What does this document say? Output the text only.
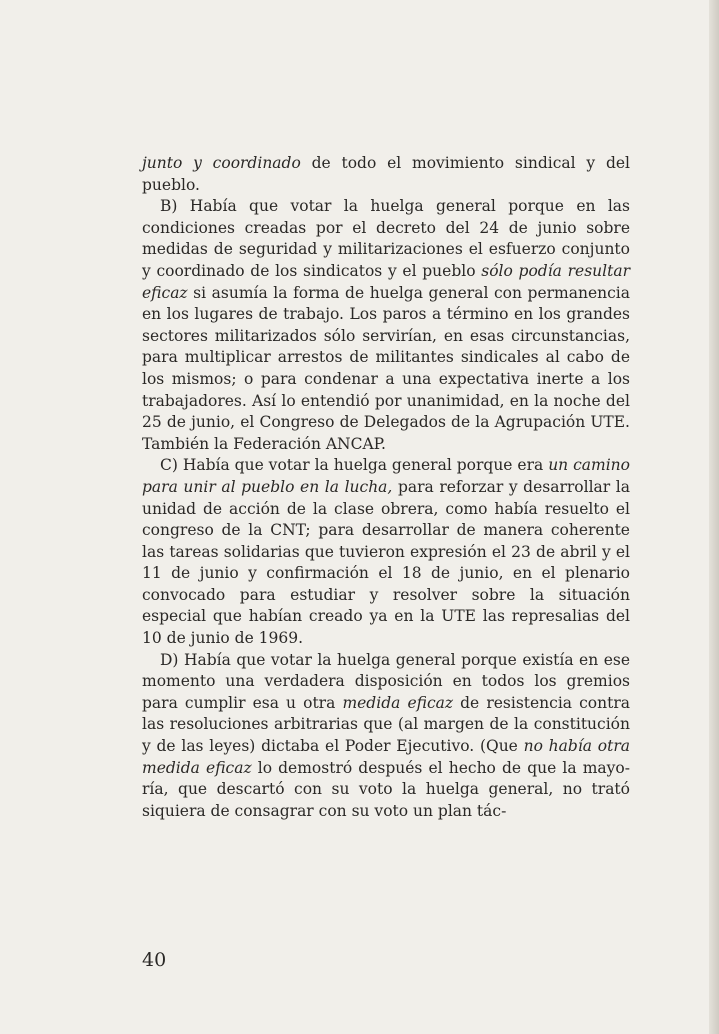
junto y coordinado de todo el movimiento sindical y del pueblo.

B) Había que votar la huelga general porque en las condiciones creadas por el decreto del 24 de junio sobre medidas de seguridad y militarizaciones el esfuerzo conjunto y coordinado de los sindicatos y el pueblo sólo podía resultar eficaz si asumía la forma de huelga general con permanencia en los lugares de trabajo. Los paros a término en los grandes sectores militarizados sólo servirían, en esas circunstancias, para multiplicar arrestos de militantes sindicales al cabo de los mismos; o para condenar a una expectativa inerte a los trabajadores. Así lo entendió por unanimidad, en la noche del 25 de junio, el Congreso de Delegados de la Agrupación UTE. También la Federación ANCAP.

C) Había que votar la huelga general porque era un camino para unir al pueblo en la lucha, para reforzar y desarrollar la unidad de acción de la clase obrera, como había resuelto el congreso de la CNT; para desarrollar de manera coherente las tareas solidarias que tuvieron expresión el 23 de abril y el 11 de junio y confirmación el 18 de junio, en el plenario convocado para estudiar y resolver sobre la situación especial que habían creado ya en la UTE las represalias del 10 de junio de 1969.

D) Había que votar la huelga general porque existía en ese momento una verdadera disposición en todos los gremios para cumplir esa u otra medida eficaz de resistencia contra las resoluciones arbitrarias que (al margen de la constitución y de las leyes) dictaba el Poder Ejecutivo. (Que no había otra medida eficaz lo demostró después el hecho de que la mayoría, que descartó con su voto la huelga general, no trató siquiera de consagrar con su voto un plan tác-

40
